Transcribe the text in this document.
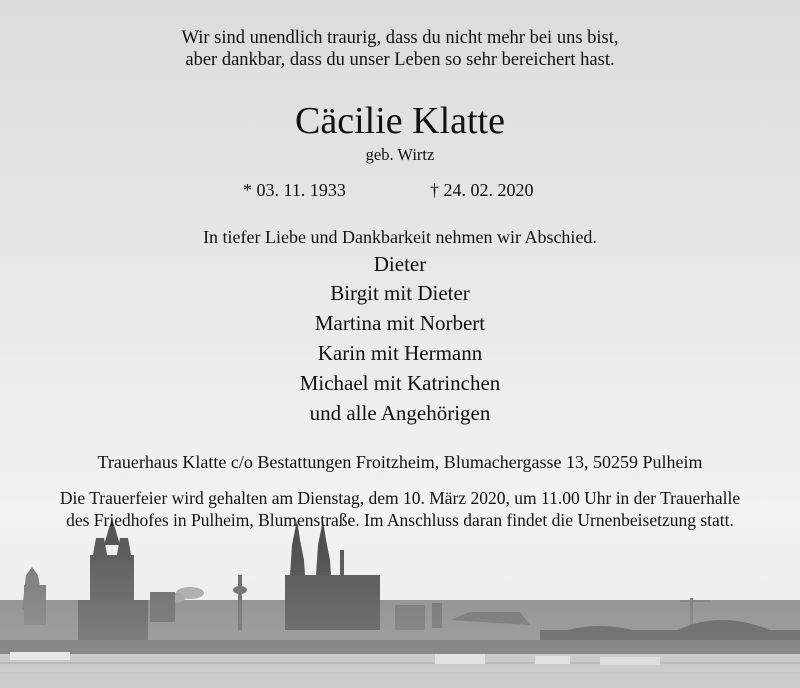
Wir sind unendlich traurig, dass du nicht mehr bei uns bist,
aber dankbar, dass du unser Leben so sehr bereichert hast.
Cäcilie Klatte
geb. Wirtz
* 03. 11. 1933	† 24. 02. 2020
In tiefer Liebe und Dankbarkeit nehmen wir Abschied.
Dieter
Birgit mit Dieter
Martina mit Norbert
Karin mit Hermann
Michael mit Katrinchen
und alle Angehörigen
Trauerhaus Klatte c/o Bestattungen Froitzheim, Blumachergasse 13, 50259 Pulheim
Die Trauerfeier wird gehalten am Dienstag, dem 10. März 2020, um 11.00 Uhr in der Trauerhalle
des Friedhofes in Pulheim, Blumenstraße. Im Anschluss daran findet die Urnenbeisetzung statt.
